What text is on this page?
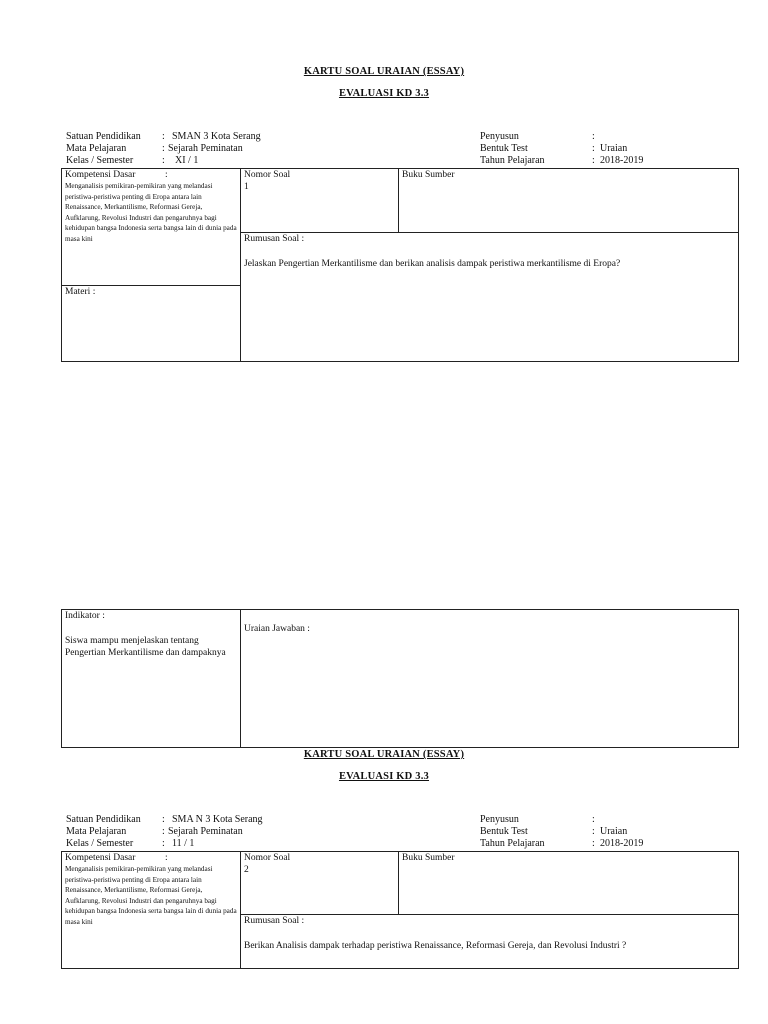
KARTU SOAL URAIAN (ESSAY)
EVALUASI KD 3.3
Satuan Pendidikan : SMAN 3 Kota Serang
Mata Pelajaran	: Sejarah Peminatan
Kelas / Semester	: XI / 1
Penyusun	:
Bentuk Test	: Uraian
Tahun Pelajaran	: 2018-2019
Kompetensi Dasar	:
Menganalisis pemikiran-pemikiran yang melandasi peristiwa-peristiwa penting di Eropa antara lain Renaissance, Merkantilisme, Reformasi Gereja, Aufklarung, Revolusi Industri dan pengaruhnya bagi kehidupan bangsa Indonesia serta bangsa lain di dunia pada masa kini
Materi :
Nomor Soal
1
Buku Sumber
Rumusan Soal :
Jelaskan Pengertian Merkantilisme dan berikan analisis dampak peristiwa merkantilisme di Eropa?
Indikator :
Siswa mampu menjelaskan tentang Pengertian Merkantilisme dan dampaknya
Uraian Jawaban :
KARTU SOAL URAIAN (ESSAY)
EVALUASI KD 3.3
Satuan Pendidikan : SMA N 3 Kota Serang
Mata Pelajaran	: Sejarah Peminatan
Kelas / Semester	: 11 / 1
Penyusun	:
Bentuk Test	: Uraian
Tahun Pelajaran	: 2018-2019
Kompetensi Dasar	:
Menganalisis pemikiran-pemikiran yang melandasi peristiwa-peristiwa penting di Eropa antara lain Renaissance, Merkantilisme, Reformasi Gereja, Aufklarung, Revolusi Industri dan pengaruhnya bagi kehidupan bangsa Indonesia serta bangsa lain di dunia pada masa kini
Nomor Soal
2
Buku Sumber
Rumusan Soal :
Berikan Analisis dampak terhadap peristiwa Renaissance, Reformasi Gereja, dan Revolusi Industri ?
